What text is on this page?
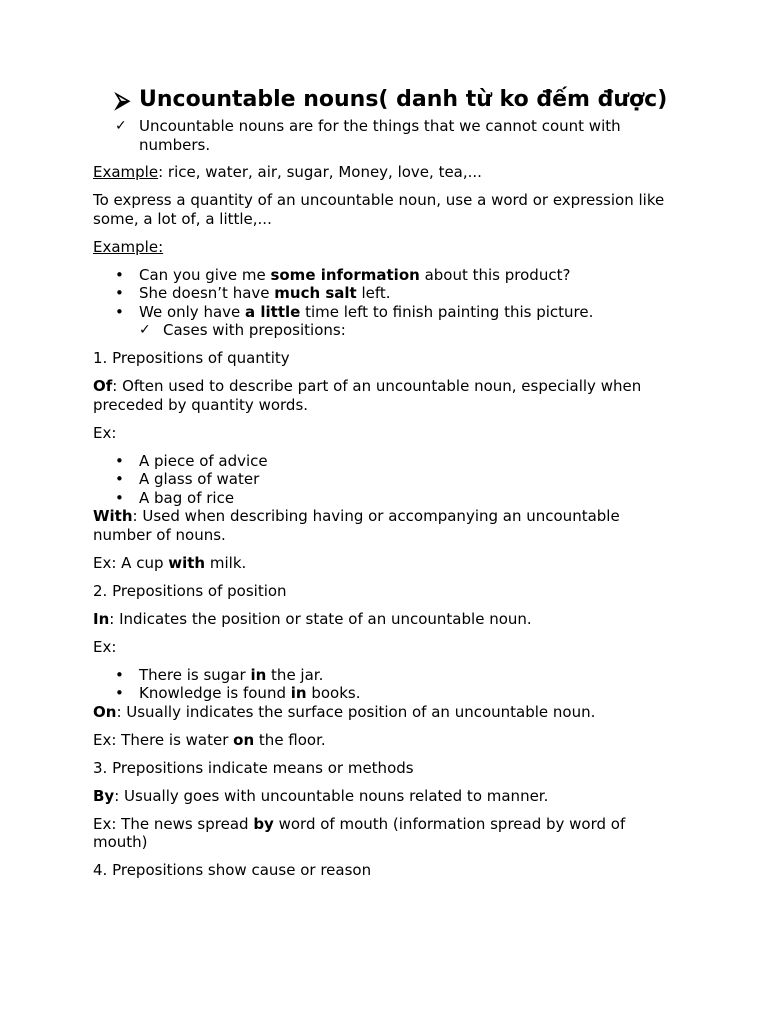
⮚ Uncountable nouns( danh từ ko đếm được)
✓ Uncountable nouns are for the things that we cannot count with numbers.

Example: rice, water, air, sugar, Money, love, tea,...

To express a quantity of an uncountable noun, use a word or expression like some, a lot of, a little,...

Example:

• Can you give me some information about this product?
• She doesn’t have much salt left.
• We only have a little time left to finish painting this picture.
✓ Cases with prepositions:

1. Prepositions of quantity

Of: Often used to describe part of an uncountable noun, especially when preceded by quantity words.

Ex:

• A piece of advice
• A glass of water
• A bag of rice

With: Used when describing having or accompanying an uncountable number of nouns.

Ex: A cup with milk.

2. Prepositions of position

In: Indicates the position or state of an uncountable noun.

Ex:

• There is sugar in the jar.
• Knowledge is found in books.

On: Usually indicates the surface position of an uncountable noun.

Ex: There is water on the floor.

3. Prepositions indicate means or methods

By: Usually goes with uncountable nouns related to manner.

Ex: The news spread by word of mouth (information spread by word of mouth)

4. Prepositions show cause or reason
